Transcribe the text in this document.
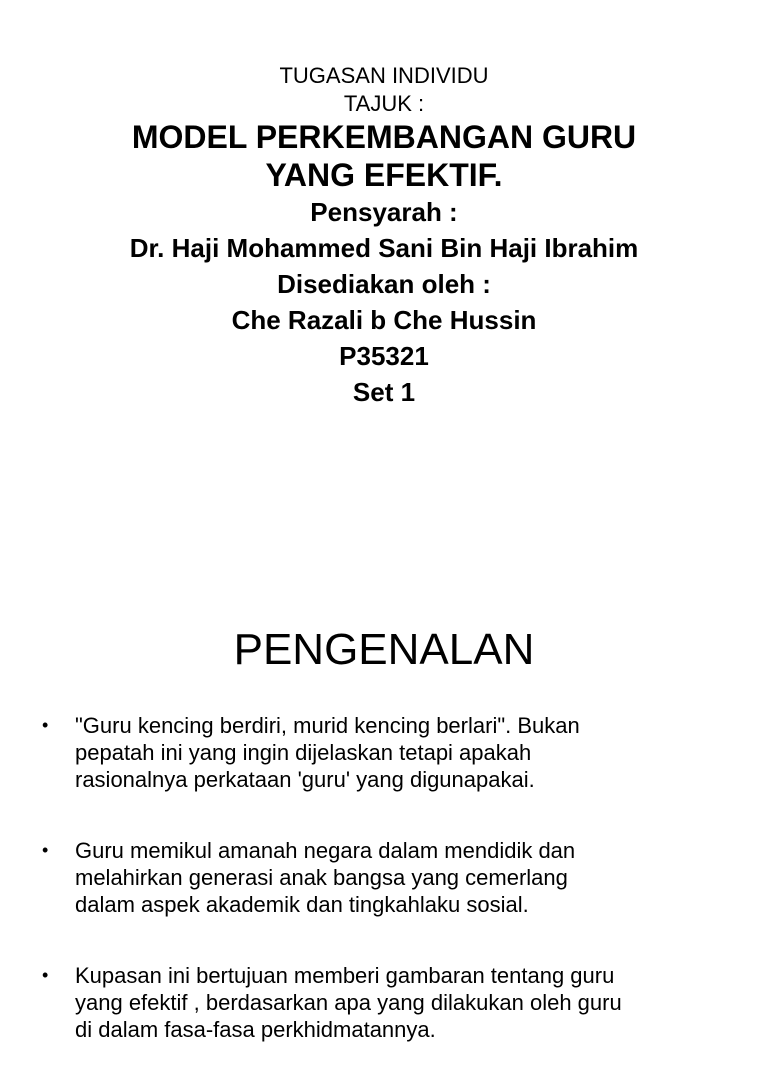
TUGASAN INDIVIDU
TAJUK :
MODEL PERKEMBANGAN GURU
YANG EFEKTIF.
Pensyarah :
Dr. Haji Mohammed Sani Bin Haji Ibrahim
Disediakan oleh :
Che Razali b Che Hussin
P35321
Set 1
PENGENALAN
• "Guru kencing berdiri, murid kencing berlari". Bukan
pepatah ini yang ingin dijelaskan tetapi apakah
rasionalnya perkataan 'guru' yang digunapakai.
• Guru memikul amanah negara dalam mendidik dan
melahirkan generasi anak bangsa yang cemerlang
dalam aspek akademik dan tingkahlaku sosial.
• Kupasan ini bertujuan memberi gambaran tentang guru
yang efektif , berdasarkan apa yang dilakukan oleh guru
di dalam fasa-fasa perkhidmatannya.
